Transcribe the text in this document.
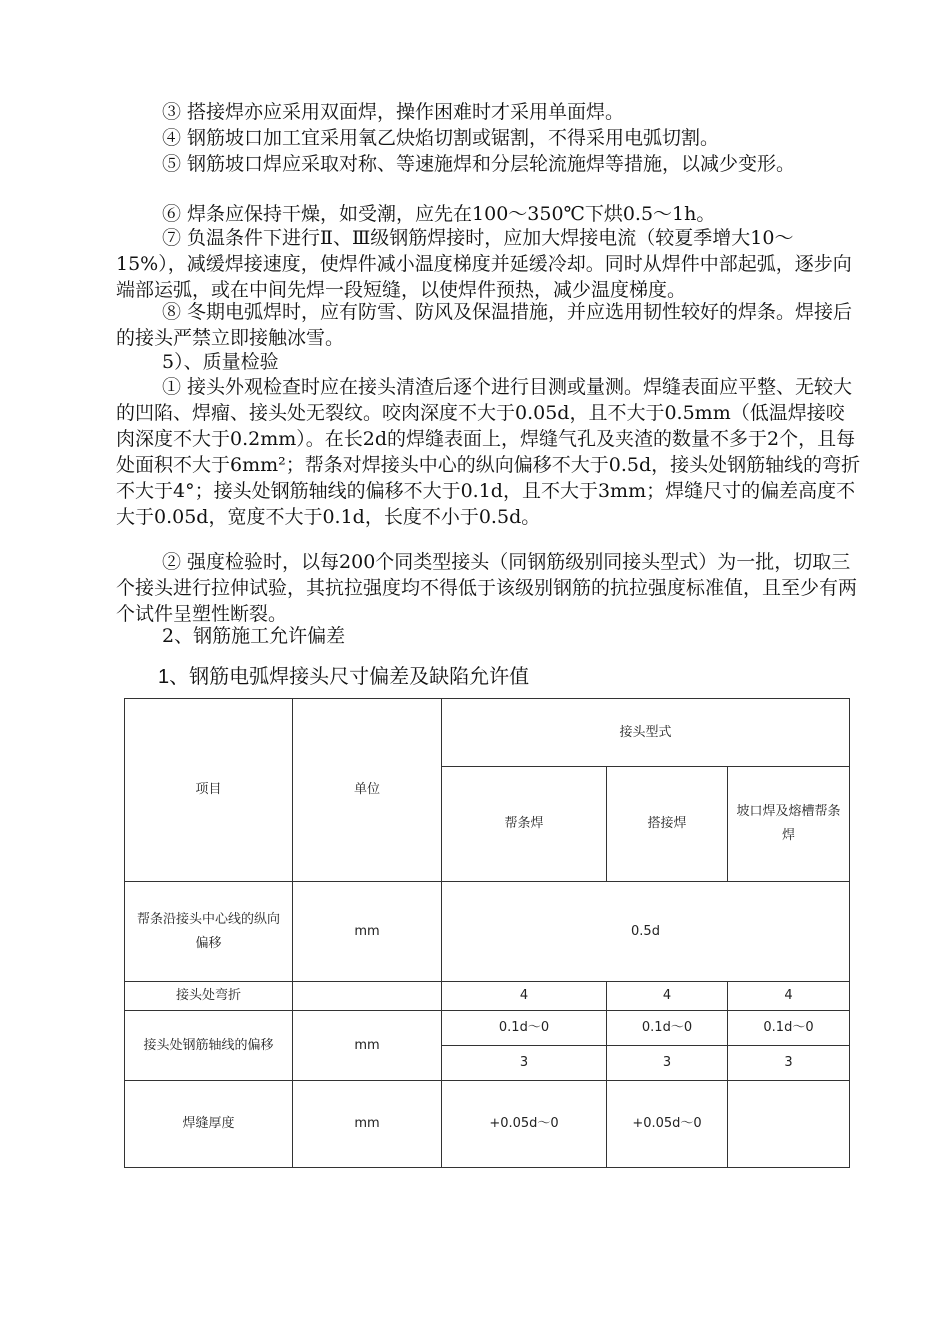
③ 搭接焊亦应采用双面焊，操作困难时才采用单面焊。

④ 钢筋坡口加工宜采用氧乙炔焰切割或锯割，不得采用电弧切割。

⑤ 钢筋坡口焊应采取对称、等速施焊和分层轮流施焊等措施，以减少变形。

⑥ 焊条应保持干燥，如受潮，应先在100～350℃下烘0.5～1h。

⑦ 负温条件下进行Ⅱ、Ⅲ级钢筋焊接时，应加大焊接电流（较夏季增大10～15%），减缓焊接速度，使焊件减小温度梯度并延缓冷却。同时从焊件中部起弧，逐步向端部运弧，或在中间先焊一段短缝，以使焊件预热，减少温度梯度。

⑧ 冬期电弧焊时，应有防雪、防风及保温措施，并应选用韧性较好的焊条。焊接后的接头严禁立即接触冰雪。

5）、质量检验

① 接头外观检查时应在接头清渣后逐个进行目测或量测。焊缝表面应平整、无较大的凹陷、焊瘤、接头处无裂纹。咬肉深度不大于0.05d，且不大于0.5mm（低温焊接咬肉深度不大于0.2mm）。在长2d的焊缝表面上，焊缝气孔及夹渣的数量不多于2个，且每处面积不大于6mm²；帮条对焊接头中心的纵向偏移不大于0.5d，接头处钢筋轴线的弯折不大于4°；接头处钢筋轴线的偏移不大于0.1d，且不大于3mm；焊缝尺寸的偏差高度不大于0.05d，宽度不大于0.1d，长度不小于0.5d。

② 强度检验时，以每200个同类型接头（同钢筋级别同接头型式）为一批，切取三个接头进行拉伸试验，其抗拉强度均不得低于该级别钢筋的抗拉强度标准值，且至少有两个试件呈塑性断裂。

2、钢筋施工允许偏差

1、钢筋电弧焊接头尺寸偏差及缺陷允许值

项目	单位	接头型式		
		帮条焊	搭接焊	坡口焊及熔槽帮条焊
帮条沿接头中心线的纵向偏移	mm	0.5d		
接头处弯折		4	4	4
接头处钢筋轴线的偏移	mm	0.1d～0	0.1d～0	0.1d～0
		3	3	3
焊缝厚度	mm	+0.05d～0	+0.05d～0	
